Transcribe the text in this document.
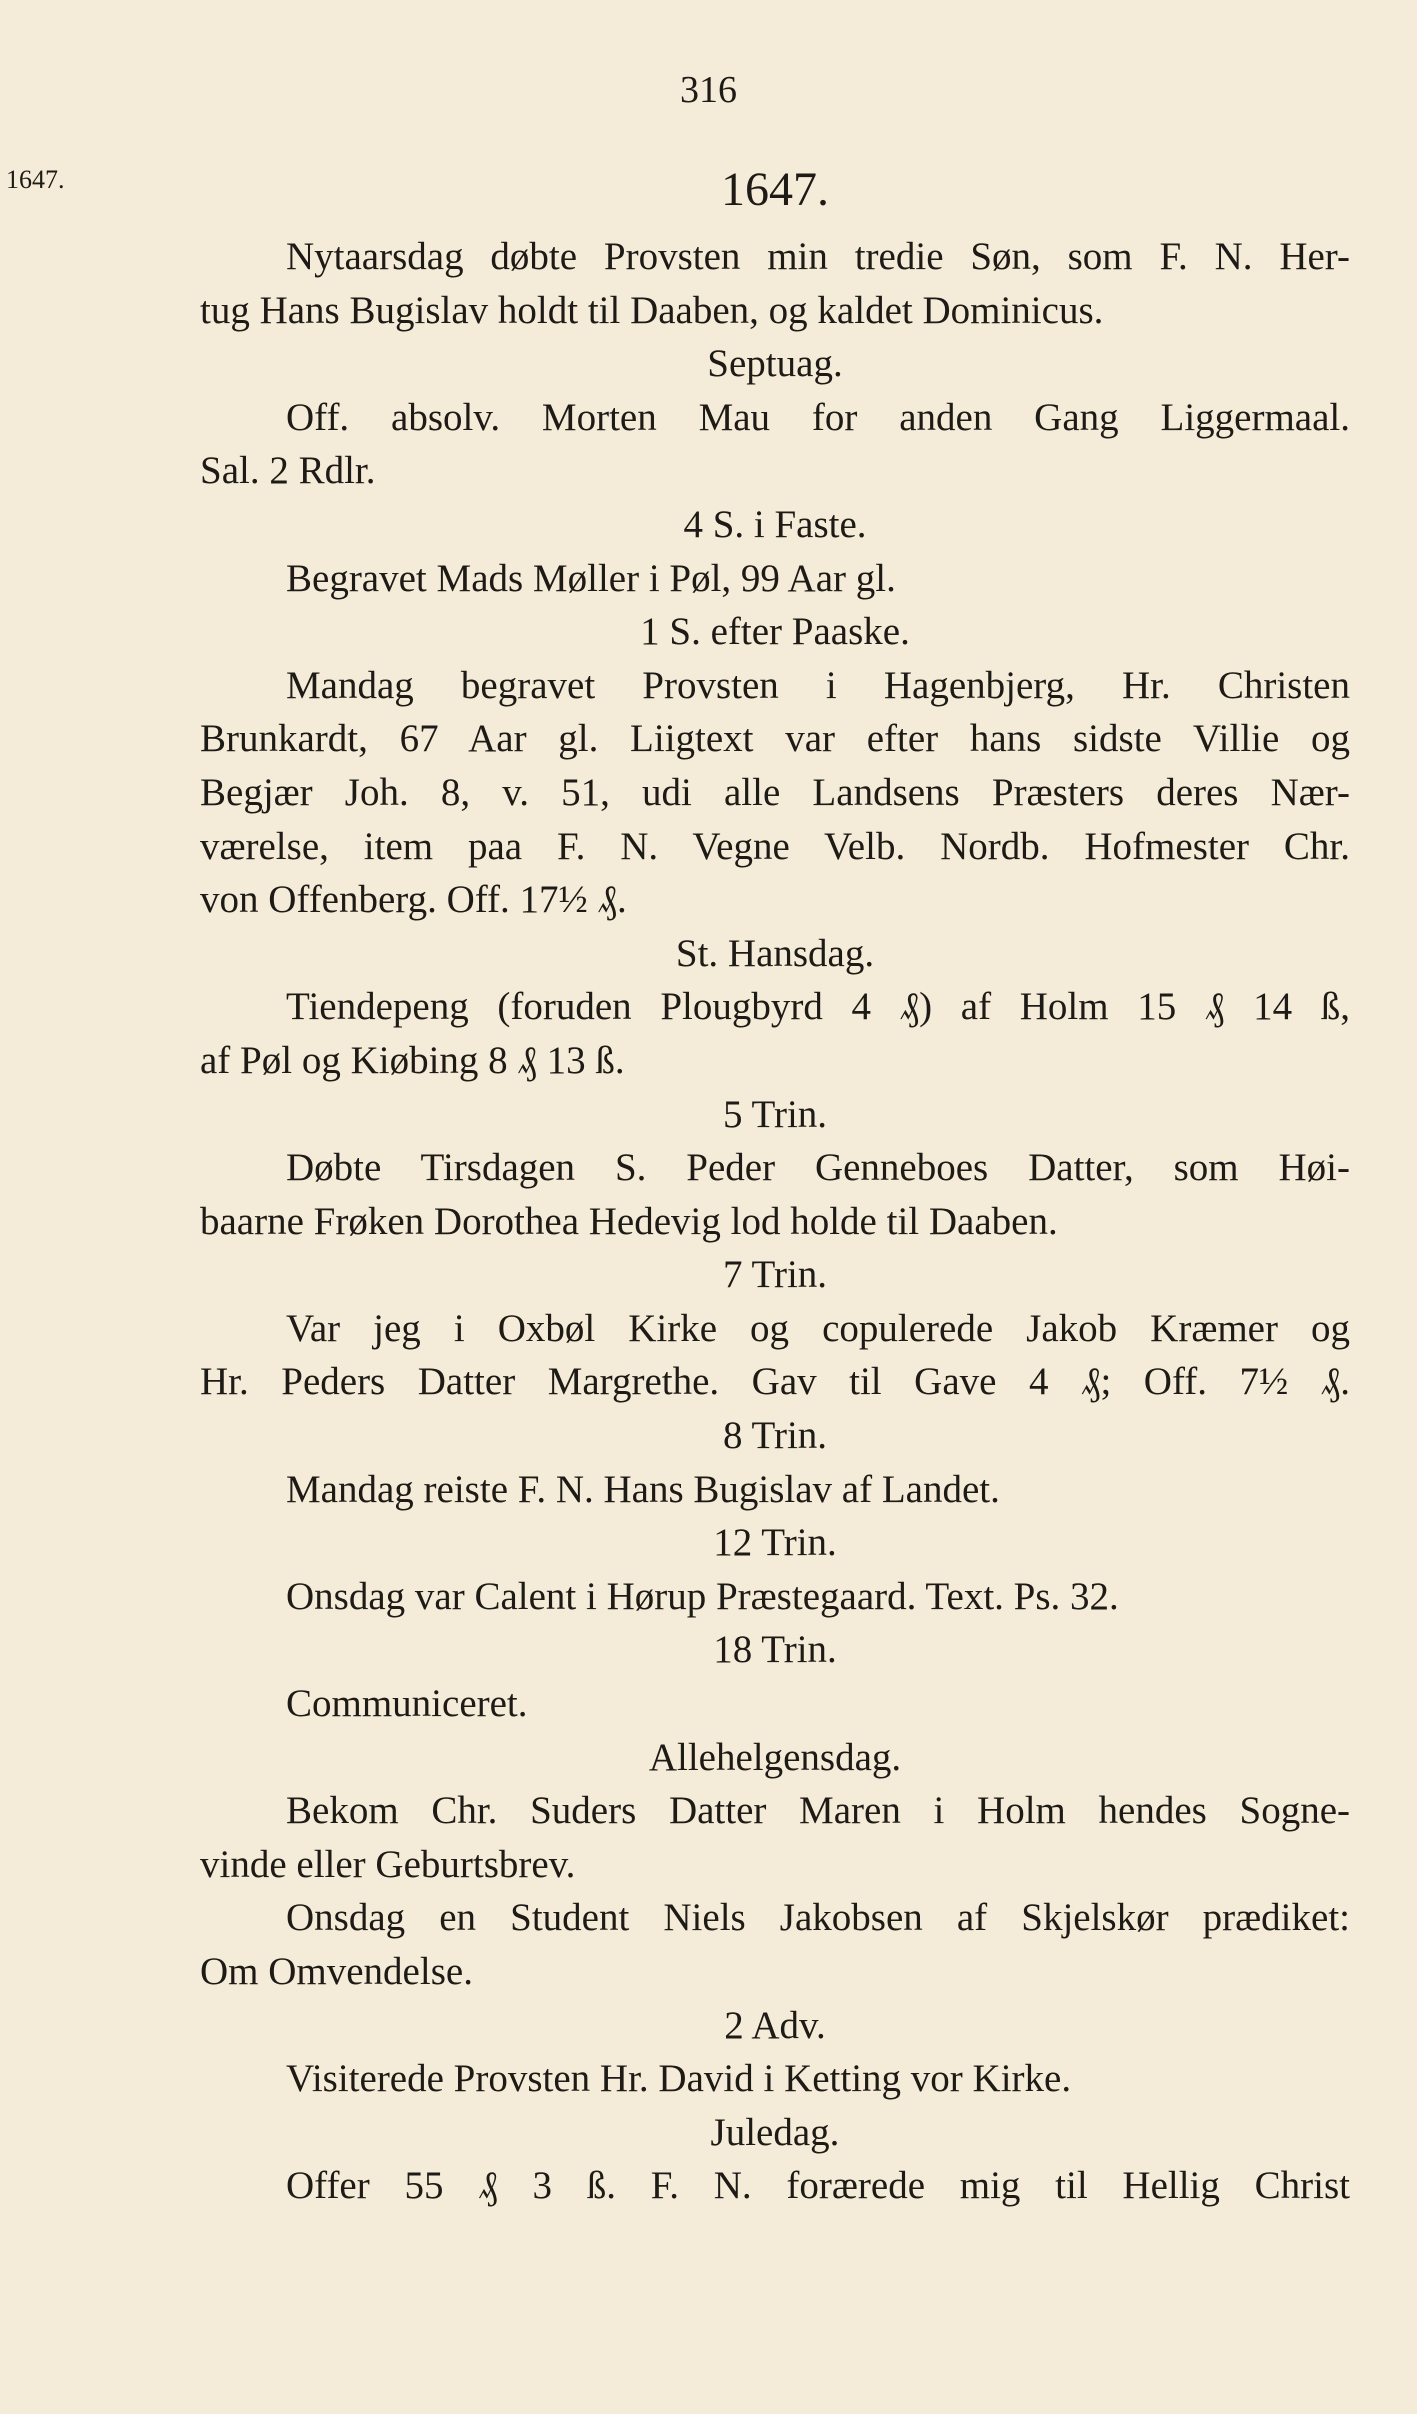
316
1647.	1647.
Nytaarsdag døbte Provsten min tredie Søn, som F. N. Her-
tug Hans Bugislav holdt til Daaben, og kaldet Dominicus.
Septuag.
Off. absolv. Morten Mau for anden Gang Liggermaal.
Sal. 2 Rdlr.
4 S. i Faste.
Begravet Mads Møller i Pøl, 99 Aar gl.
1 S. efter Paaske.
Mandag begravet Provsten i Hagenbjerg, Hr. Christen
Brunkardt, 67 Aar gl. Liigtext var efter hans sidste Villie og
Begjær Joh. 8, v. 51, udi alle Landsens Præsters deres Nær-
værelse, item paa F. N. Vegne Velb. Nordb. Hofmester Chr.
von Offenberg. Off. 17½ ₰.
St. Hansdag.
Tiendepeng (foruden Plougbyrd 4 ₰) af Holm 15 ₰ 14 ß,
af Pøl og Kiøbing 8 ₰ 13 ß.
5 Trin.
Døbte Tirsdagen S. Peder Genneboes Datter, som Høi-
baarne Frøken Dorothea Hedevig lod holde til Daaben.
7 Trin.
Var jeg i Oxbøl Kirke og copulerede Jakob Kræmer og
Hr. Peders Datter Margrethe. Gav til Gave 4 ₰; Off. 7½ ₰.
8 Trin.
Mandag reiste F. N. Hans Bugislav af Landet.
12 Trin.
Onsdag var Calent i Hørup Præstegaard. Text. Ps. 32.
18 Trin.
Communiceret.
Allehelgensdag.
Bekom Chr. Suders Datter Maren i Holm hendes Sogne-
vinde eller Geburtsbrev.
Onsdag en Student Niels Jakobsen af Skjelskør prædiket:
Om Omvendelse.
2 Adv.
Visiterede Provsten Hr. David i Ketting vor Kirke.
Juledag.
Offer 55 ₰ 3 ß. F. N. forærede mig til Hellig Christ
